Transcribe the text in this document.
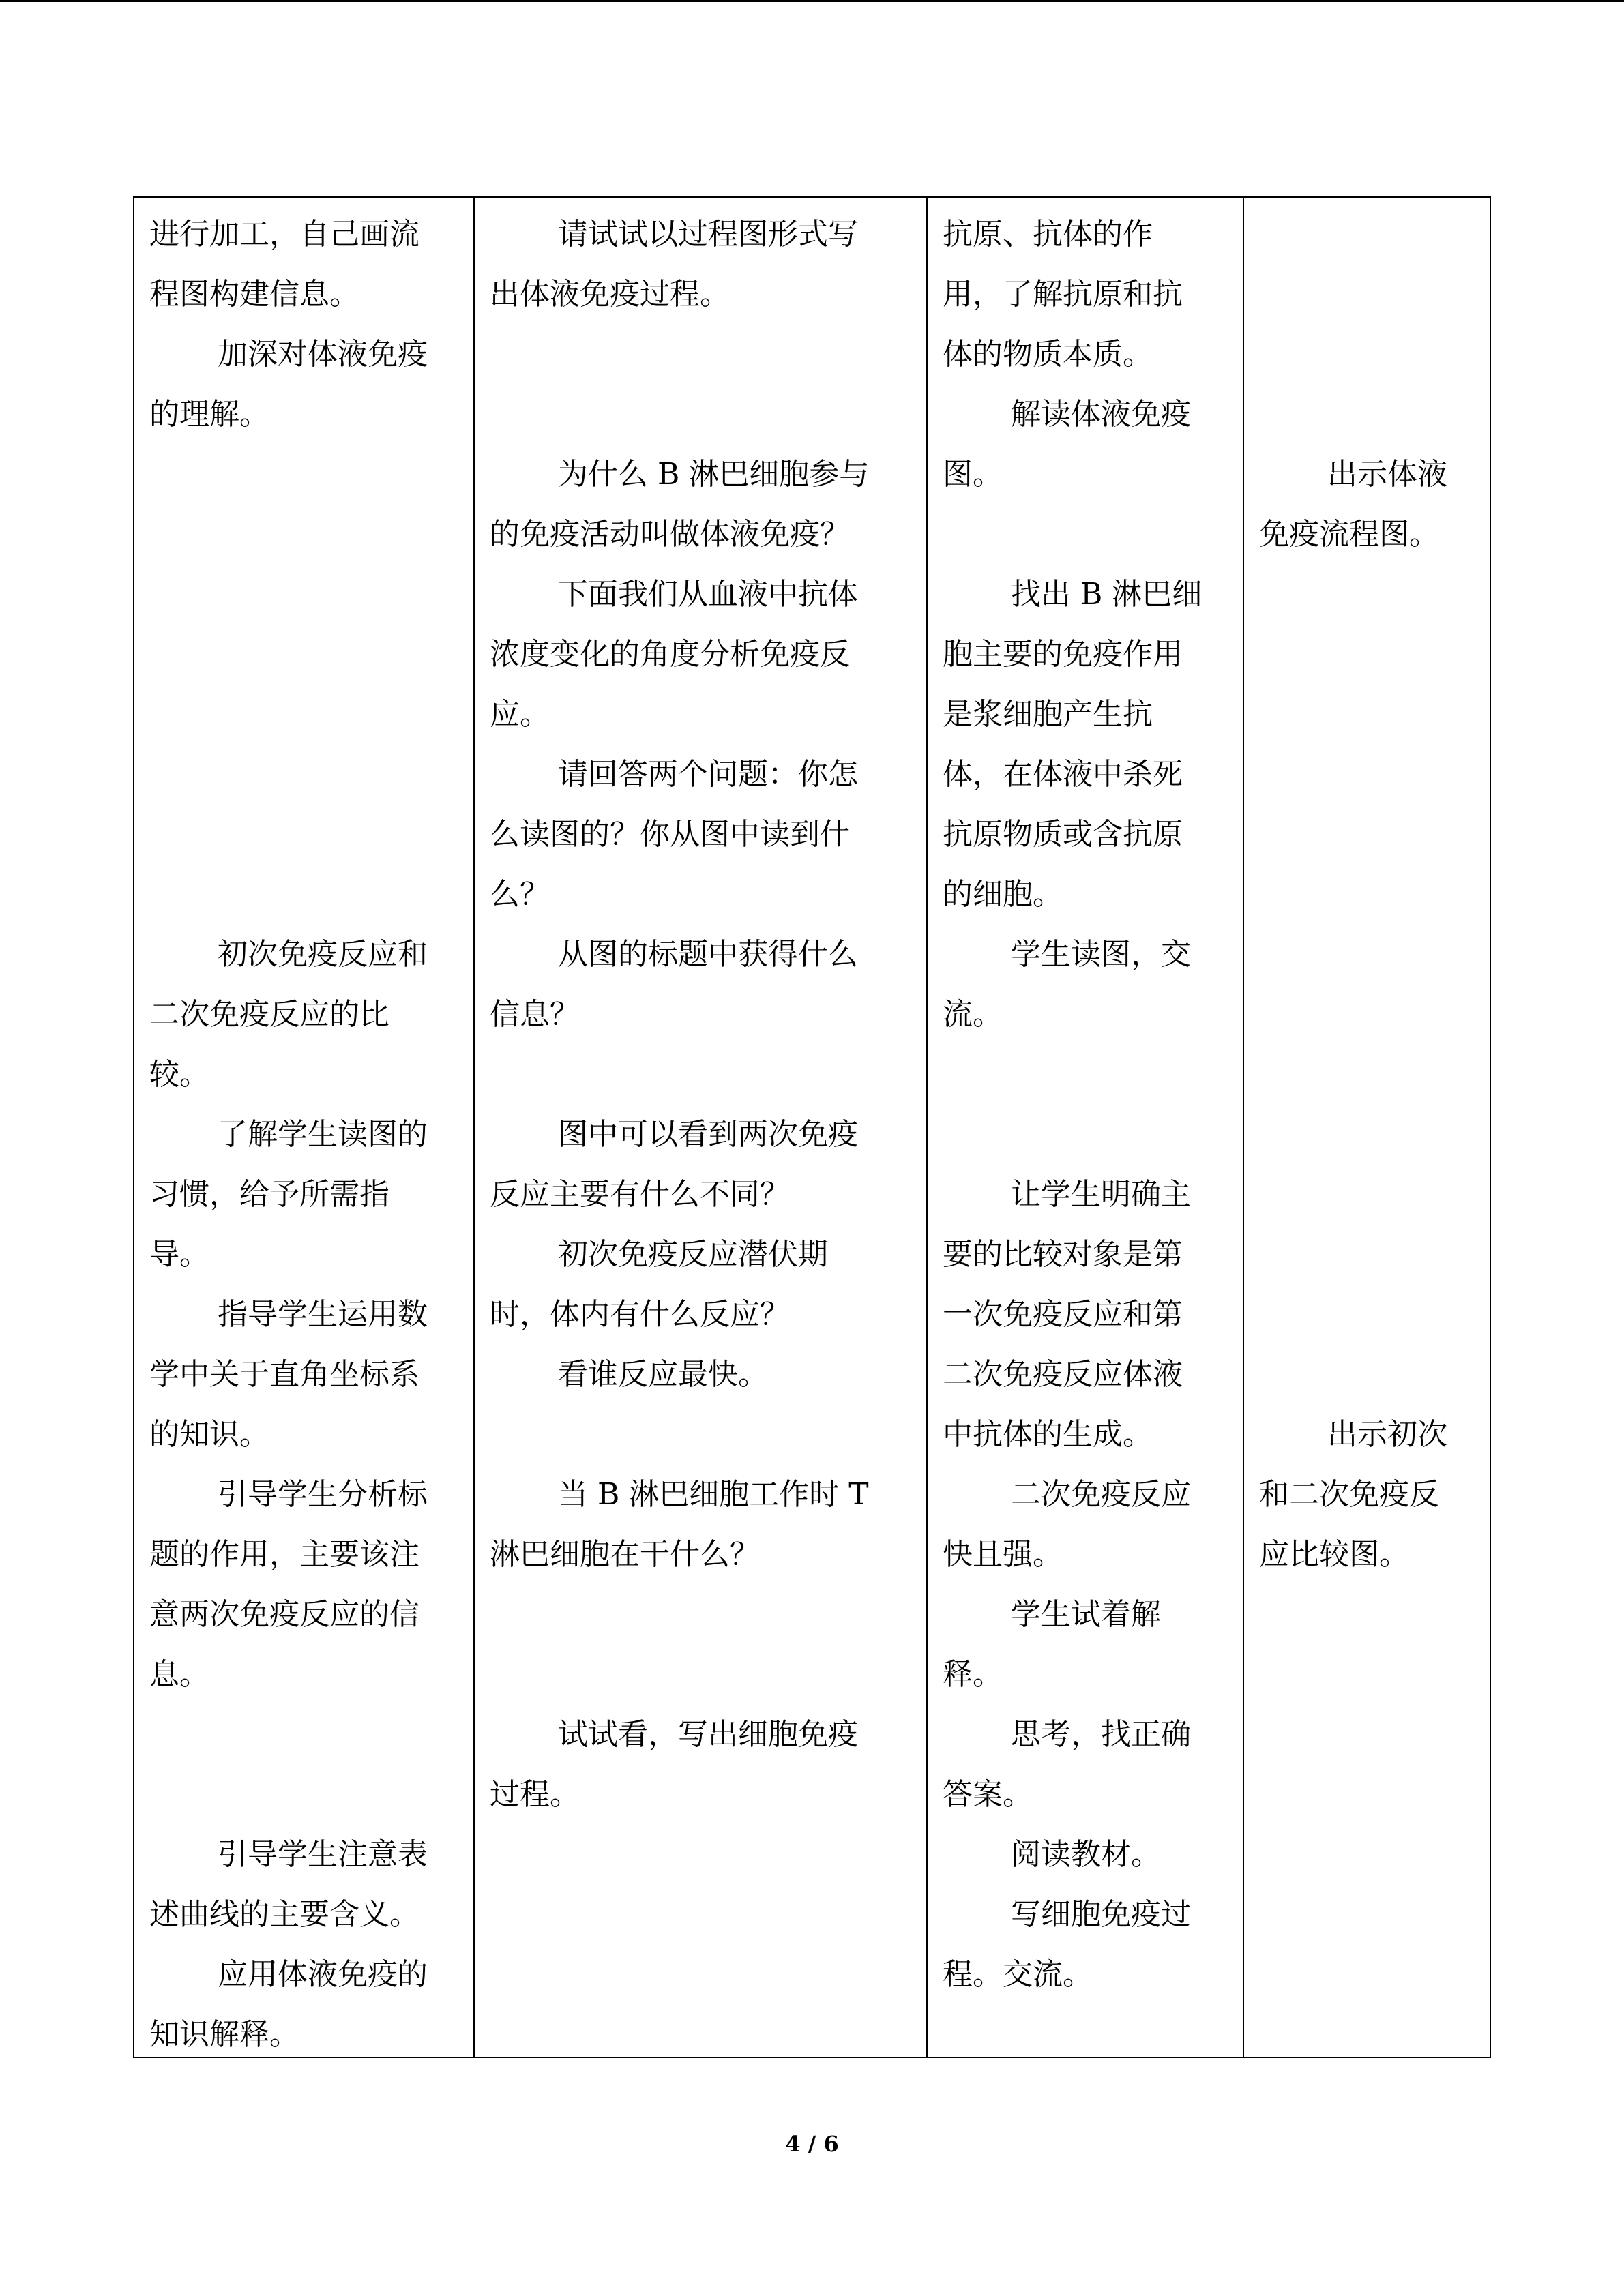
进行加工，自己画流
程图构建信息。
加深对体液免疫
的理解。
初次免疫反应和
二次免疫反应的比
较。
了解学生读图的
习惯，给予所需指
导。
指导学生运用数
学中关于直角坐标系
的知识。
引导学生分析标
题的作用，主要该注
意两次免疫反应的信
息。
引导学生注意表
述曲线的主要含义。
应用体液免疫的
知识解释。
请试试以过程图形式写
出体液免疫过程。
为什么 B 淋巴细胞参与
的免疫活动叫做体液免疫？
下面我们从血液中抗体
浓度变化的角度分析免疫反
应。
请回答两个问题：你怎
么读图的？你从图中读到什
么？
从图的标题中获得什么
信息？
图中可以看到两次免疫
反应主要有什么不同？
初次免疫反应潜伏期
时，体内有什么反应？
看谁反应最快。
当 B 淋巴细胞工作时 T
淋巴细胞在干什么？
试试看，写出细胞免疫
过程。
抗原、抗体的作
用，了解抗原和抗
体的物质本质。
解读体液免疫
图。
找出 B 淋巴细
胞主要的免疫作用
是浆细胞产生抗
体，在体液中杀死
抗原物质或含抗原
的细胞。
学生读图，交
流。
让学生明确主
要的比较对象是第
一次免疫反应和第
二次免疫反应体液
中抗体的生成。
二次免疫反应
快且强。
学生试着解
释。
思考，找正确
答案。
阅读教材。
写细胞免疫过
程。交流。
出示体液
免疫流程图。
出示初次
和二次免疫反
应比较图。
4 / 6
